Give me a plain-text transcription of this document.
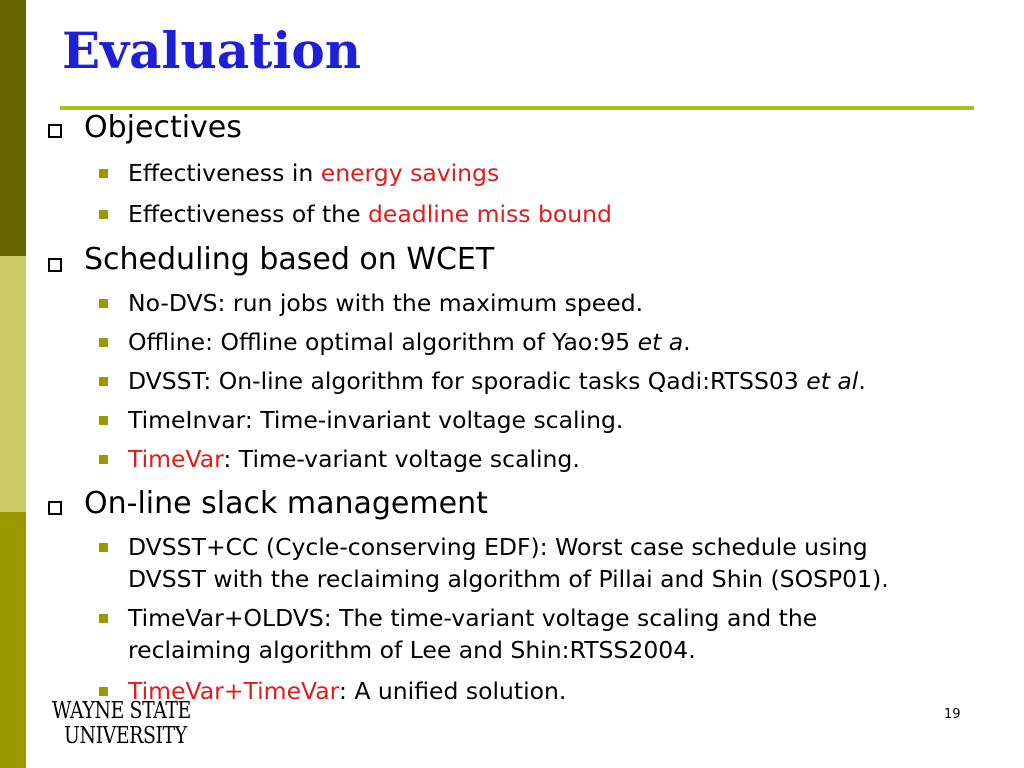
Evaluation
Objectives
Effectiveness in energy savings
Effectiveness of the deadline miss bound
Scheduling based on WCET
No-DVS: run jobs with the maximum speed.
Offline: Offline optimal algorithm of Yao:95 et a.
DVSST: On-line algorithm for sporadic tasks Qadi:RTSS03 et al.
TimeInvar: Time-invariant voltage scaling.
TimeVar: Time-variant voltage scaling.
On-line slack management
DVSST+CC (Cycle-conserving EDF): Worst case schedule using
DVSST with the reclaiming algorithm of Pillai and Shin (SOSP01).
TimeVar+OLDVS: The time-variant voltage scaling and the
reclaiming algorithm of Lee and Shin:RTSS2004.
TimeVar+TimeVar: A unified solution.
WAYNE STATE
UNIVERSITY
19
